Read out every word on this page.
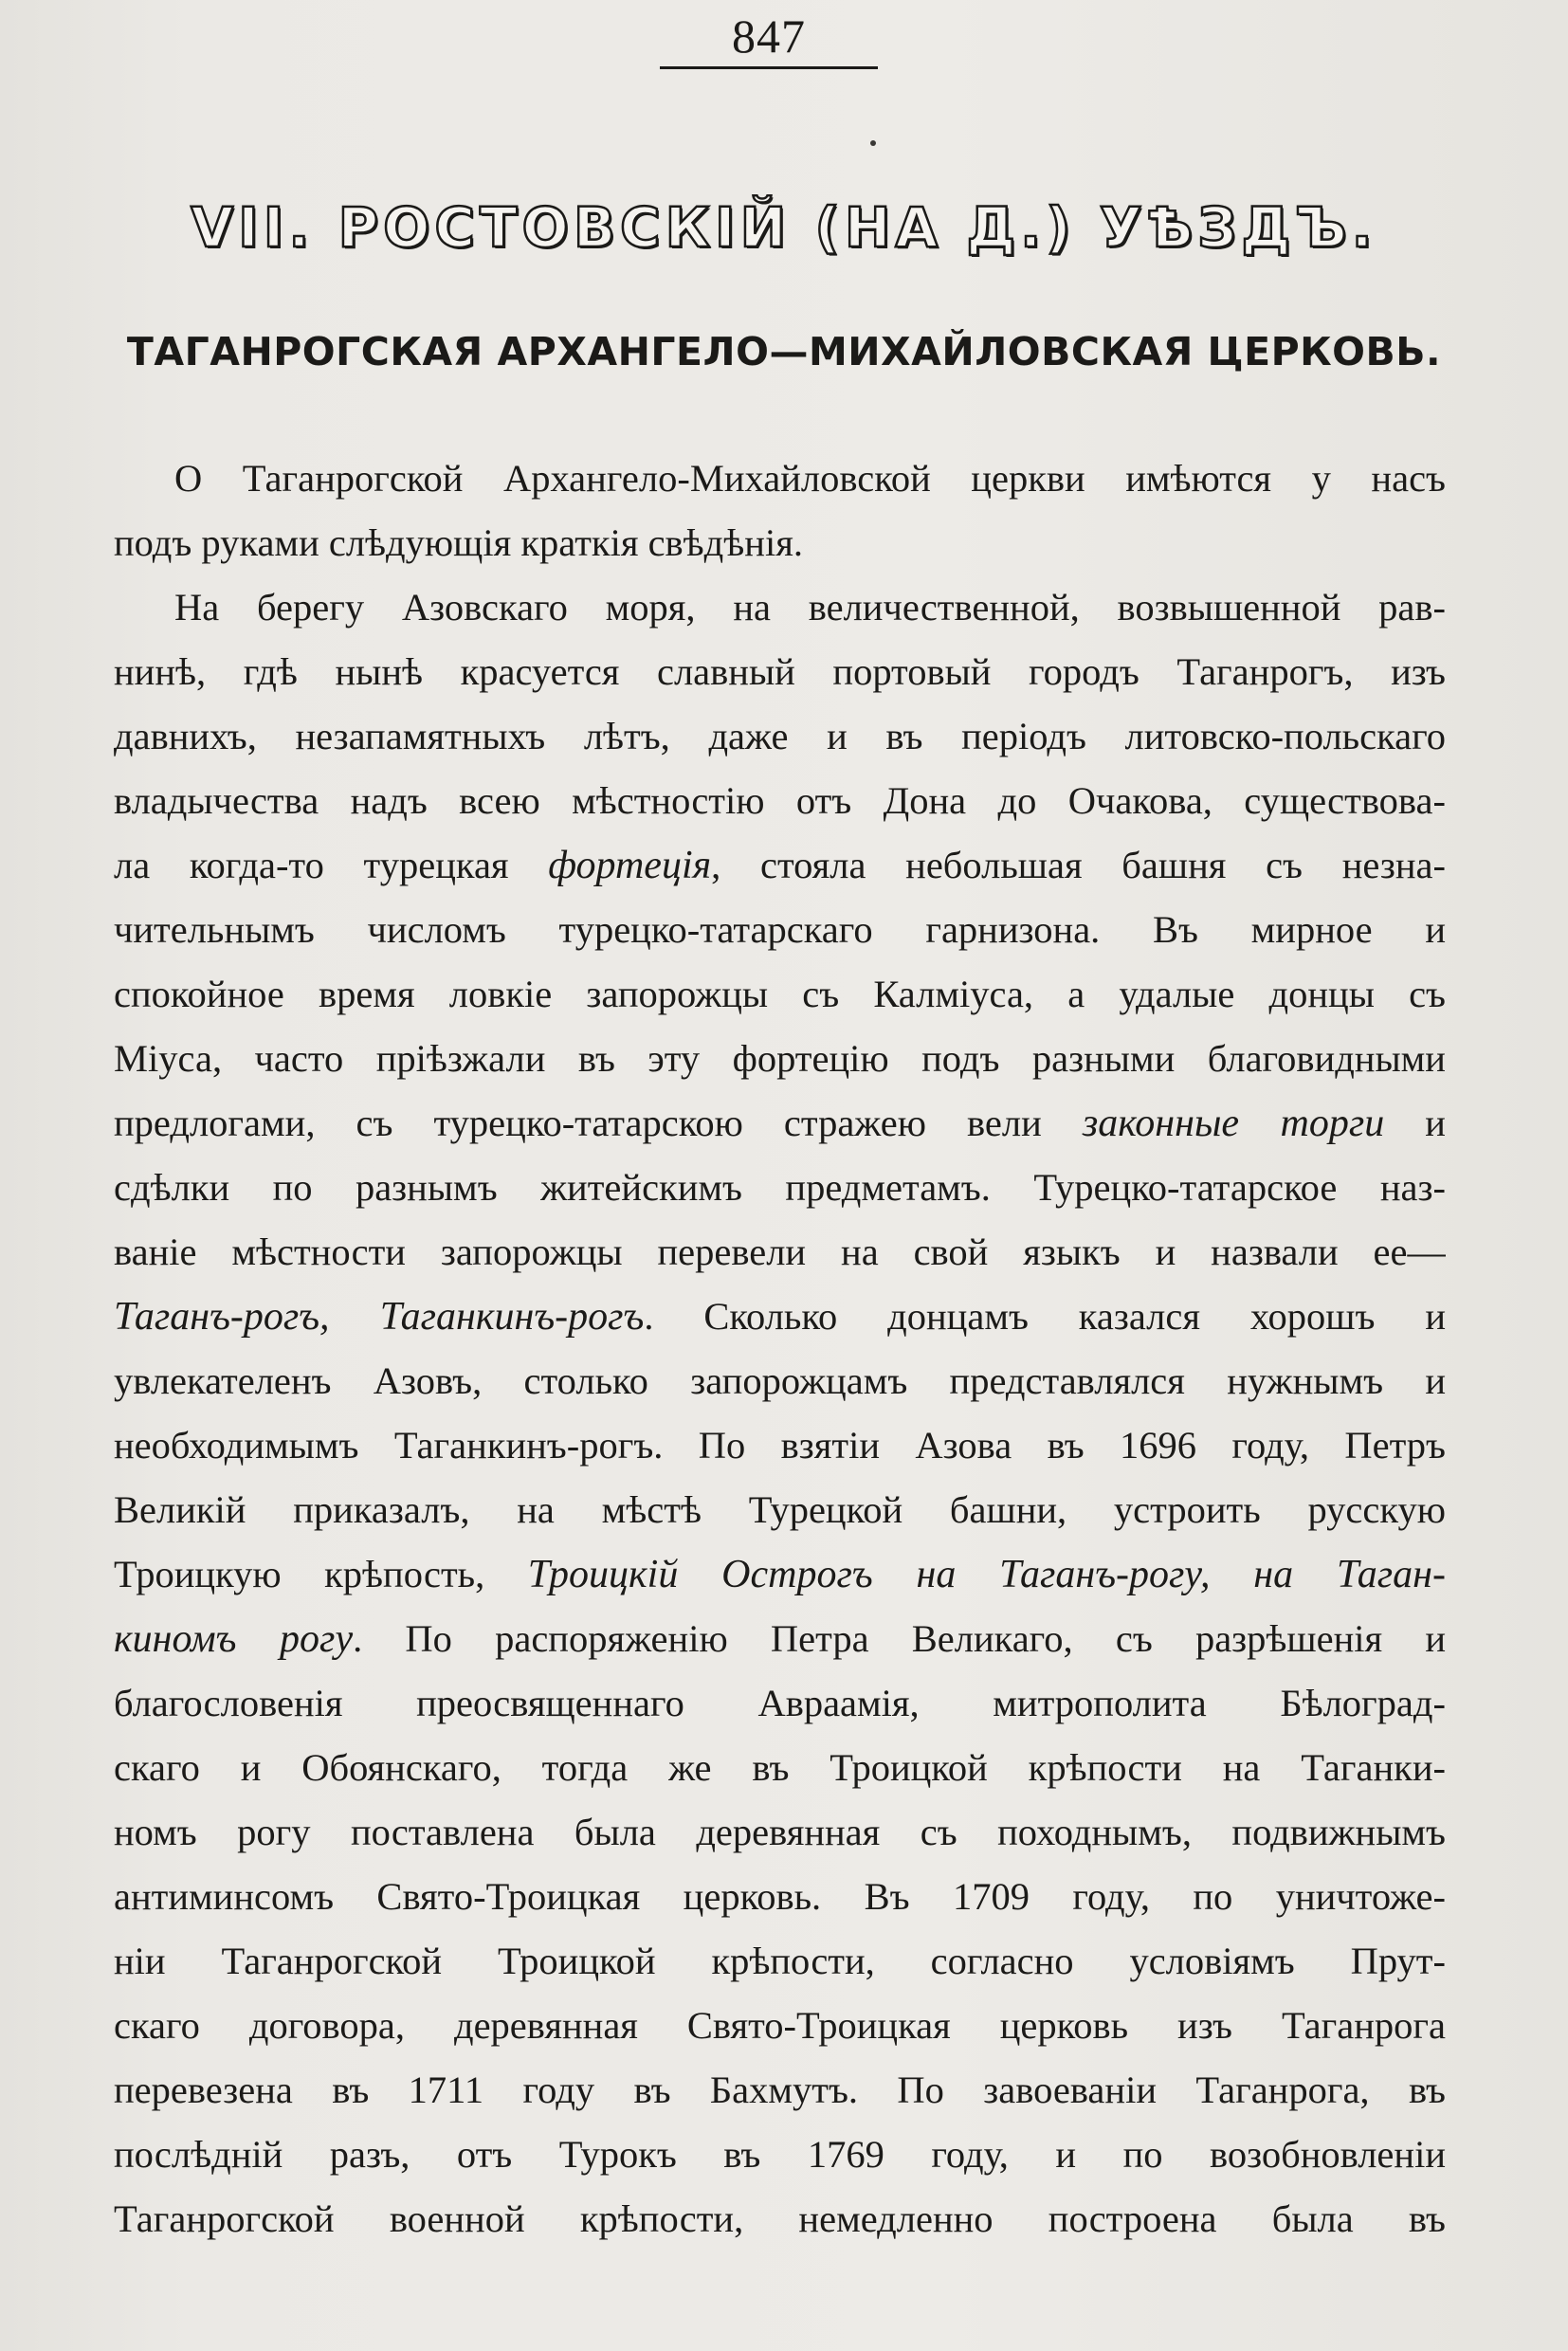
847
VII. РОСТОВСКІЙ (НА Д.) УѢЗДЪ.
ТАГАНРОГСКАЯ АРХАНГЕЛО—МИХАЙЛОВСКАЯ ЦЕРКОВЬ.
О Таганрогской Архангело-Михайловской церкви имѣются у насъ
подъ руками слѣдующія краткія свѣдѣнія.
На берегу Азовскаго моря, на величественной, возвышенной рав-
нинѣ, гдѣ нынѣ красуется славный портовый городъ Таганрогъ, изъ
давнихъ, незапамятныхъ лѣтъ, даже и въ періодъ литовско-польскаго
владычества надъ всею мѣстностію отъ Дона до Очакова, существова-
ла когда-то турецкая фортеція, стояла небольшая башня съ незна-
чительнымъ числомъ турецко-татарскаго гарнизона. Въ мирное и
спокойное время ловкіе запорожцы съ Калміуса, а удалые донцы съ
Міуса, часто пріѣзжали въ эту фортецію подъ разными благовидными
предлогами, съ турецко-татарскою стражею вели законные торги и
сдѣлки по разнымъ житейскимъ предметамъ. Турецко-татарское наз-
ваніе мѣстности запорожцы перевели на свой языкъ и назвали ее—
Таганъ-рогъ, Таганкинъ-рогъ. Сколько донцамъ казался хорошъ и
увлекателенъ Азовъ, столько запорожцамъ представлялся нужнымъ и
необходимымъ Таганкинъ-рогъ. По взятіи Азова въ 1696 году, Петръ
Великій приказалъ, на мѣстѣ Турецкой башни, устроить русскую
Троицкую крѣпость, Троицкій Острогъ на Таганъ-рогу, на Таган-
киномъ рогу. По распоряженію Петра Великаго, съ разрѣшенія и
благословенія преосвященнаго Авраамія, митрополита Бѣлоград-
скаго и Обоянскаго, тогда же въ Троицкой крѣпости на Таганки-
номъ рогу поставлена была деревянная съ походнымъ, подвижнымъ
антиминсомъ Свято-Троицкая церковь. Въ 1709 году, по уничтоже-
ніи Таганрогской Троицкой крѣпости, согласно условіямъ Прут-
скаго договора, деревянная Свято-Троицкая церковь изъ Таганрога
перевезена въ 1711 году въ Бахмутъ. По завоеваніи Таганрога, въ
послѣдній разъ, отъ Турокъ въ 1769 году, и по возобновленіи
Таганрогской военной крѣпости, немедленно построена была въ
